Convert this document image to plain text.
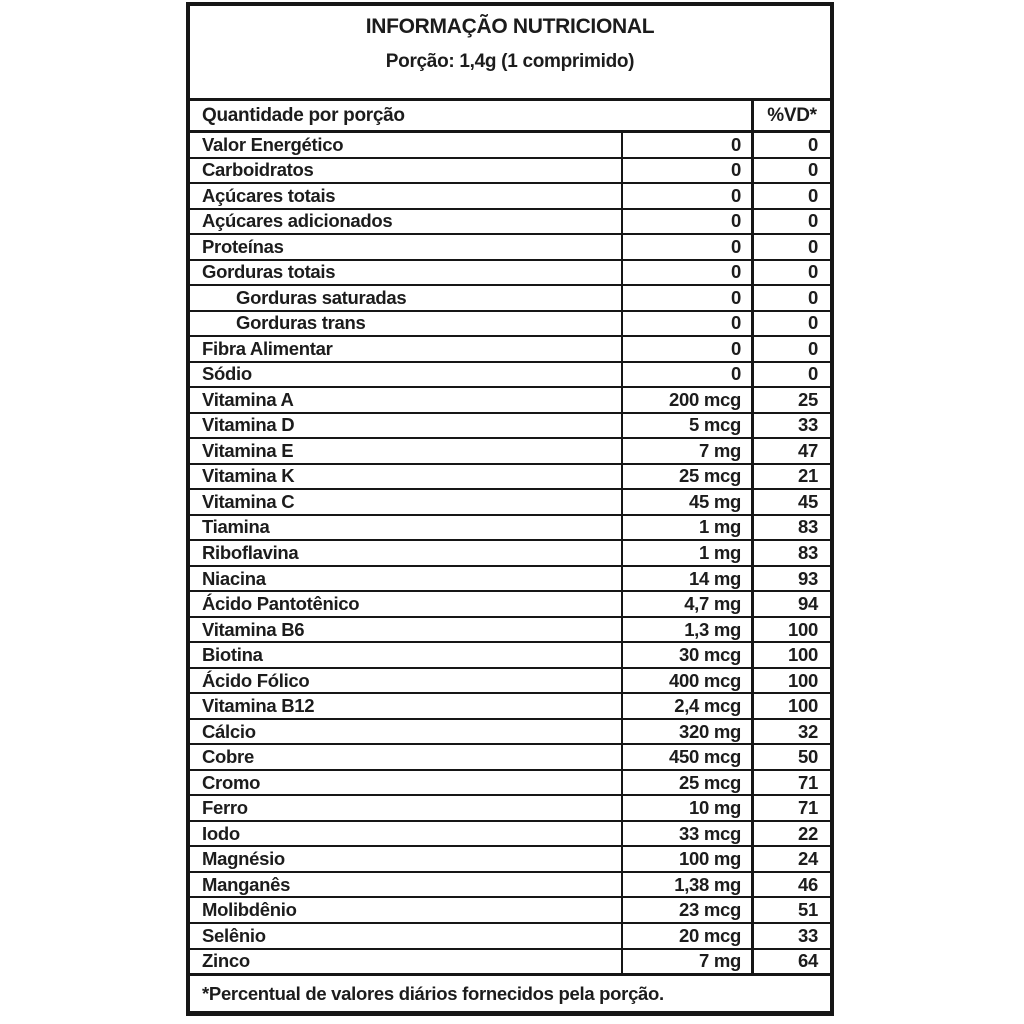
INFORMAÇÃO NUTRICIONAL
Porção: 1,4g (1 comprimido)
Quantidade por porção	%VD*
Valor Energético	0	0
Carboidratos	0	0
Açúcares totais	0	0
Açúcares adicionados	0	0
Proteínas	0	0
Gorduras totais	0	0
Gorduras saturadas	0	0
Gorduras trans	0	0
Fibra Alimentar	0	0
Sódio	0	0
Vitamina A	200 mcg	25
Vitamina D	5 mcg	33
Vitamina E	7 mg	47
Vitamina K	25 mcg	21
Vitamina C	45 mg	45
Tiamina	1 mg	83
Riboflavina	1 mg	83
Niacina	14 mg	93
Ácido Pantotênico	4,7 mg	94
Vitamina B6	1,3 mg	100
Biotina	30 mcg	100
Ácido Fólico	400 mcg	100
Vitamina B12	2,4 mcg	100
Cálcio	320 mg	32
Cobre	450 mcg	50
Cromo	25 mcg	71
Ferro	10 mg	71
Iodo	33 mcg	22
Magnésio	100 mg	24
Manganês	1,38 mg	46
Molibdênio	23 mcg	51
Selênio	20 mcg	33
Zinco	7 mg	64
*Percentual de valores diários fornecidos pela porção.
